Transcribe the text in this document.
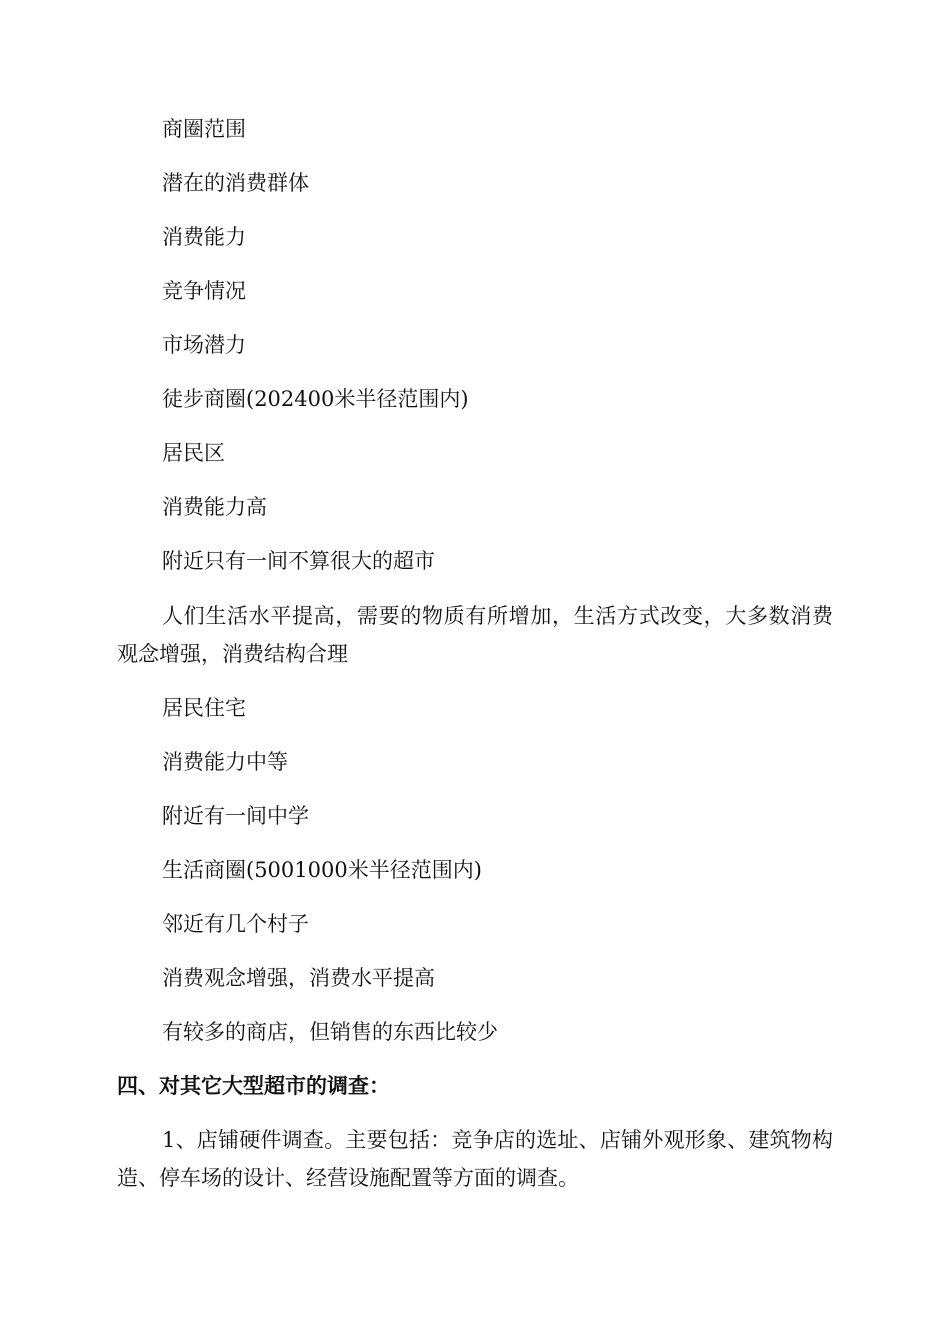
商圈范围
潜在的消费群体
消费能力
竞争情况
市场潜力
徒步商圈(202400米半径范围内)
居民区
消费能力高
附近只有一间不算很大的超市
人们生活水平提高，需要的物质有所增加，生活方式改变，大多数消费观念增强，消费结构合理
居民住宅
消费能力中等
附近有一间中学
生活商圈(5001000米半径范围内)
邻近有几个村子
消费观念增强，消费水平提高
有较多的商店，但销售的东西比较少
四、对其它大型超市的调查：
1、店铺硬件调查。主要包括：竞争店的选址、店铺外观形象、建筑物构造、停车场的设计、经营设施配置等方面的调查。
